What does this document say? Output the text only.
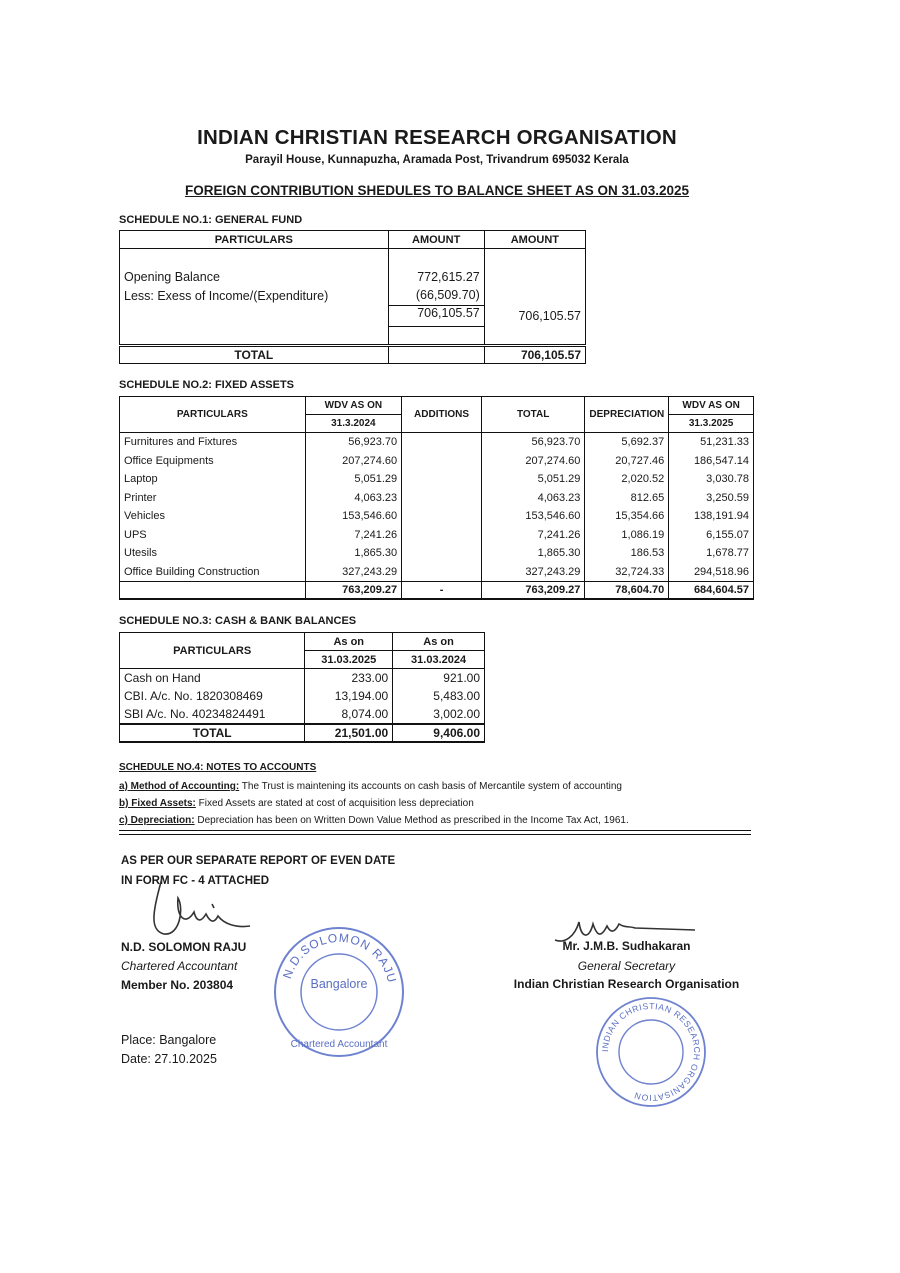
INDIAN CHRISTIAN RESEARCH ORGANISATION
Parayil House, Kunnapuzha, Aramada Post, Trivandrum 695032 Kerala
FOREIGN CONTRIBUTION SHEDULES TO BALANCE SHEET AS ON 31.03.2025
SCHEDULE NO.1: GENERAL FUND
PARTICULARS	AMOUNT	AMOUNT

Opening Balance	772,615.27	
Less: Exess of Income/(Expenditure)	(66,509.70)	
	706,105.57	706,105.57

TOTAL		706,105.57
SCHEDULE NO.2: FIXED ASSETS
PARTICULARS	WDV AS ON	ADDITIONS	TOTAL	DEPRECIATION	WDV AS ON
	31.3.2024				31.3.2025
Furnitures and Fixtures	56,923.70		56,923.70	5,692.37	51,231.33
Office Equipments	207,274.60		207,274.60	20,727.46	186,547.14
Laptop	5,051.29		5,051.29	2,020.52	3,030.78
Printer	4,063.23		4,063.23	812.65	3,250.59
Vehicles	153,546.60		153,546.60	15,354.66	138,191.94
UPS	7,241.26		7,241.26	1,086.19	6,155.07
Utesils	1,865.30		1,865.30	186.53	1,678.77
Office Building Construction	327,243.29		327,243.29	32,724.33	294,518.96
	763,209.27	-	763,209.27	78,604.70	684,604.57
SCHEDULE NO.3: CASH & BANK BALANCES
PARTICULARS	As on	As on
	31.03.2025	31.03.2024
Cash on Hand	233.00	921.00
CBI. A/c. No. 1820308469	13,194.00	5,483.00
SBI A/c. No. 40234824491	8,074.00	3,002.00
TOTAL	21,501.00	9,406.00
SCHEDULE NO.4: NOTES TO ACCOUNTS
a) Method of Accounting: The Trust is maintening its accounts on cash basis of Mercantile system of accounting
b) Fixed Assets: Fixed Assets are stated at cost of acquisition less depreciation
c) Depreciation: Depreciation has been on Written Down Value Method as prescribed in the Income Tax Act, 1961.
AS PER OUR SEPARATE REPORT OF EVEN DATE
IN FORM FC - 4 ATTACHED
N.D. SOLOMON RAJU
Chartered Accountant
Member No. 203804
Place: Bangalore
Date: 27.10.2025
N.D.SOLOMON RAJU
Bangalore
Chartered Accountant
Mr. J.M.B. Sudhakaran
General Secretary
Indian Christian Research Organisation
INDIAN CHRISTIAN RESEARCH ORGANISATION
